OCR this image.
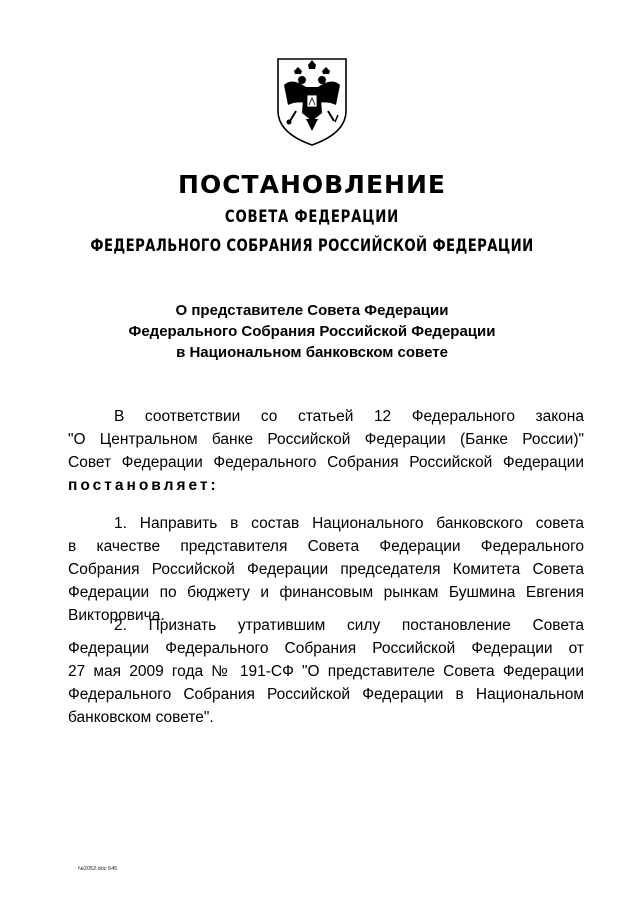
ПОСТАНОВЛЕНИЕ
СОВЕТА ФЕДЕРАЦИИ
ФЕДЕРАЛЬНОГО СОБРАНИЯ РОССИЙСКОЙ ФЕДЕРАЦИИ
О представителе Совета Федерации
Федерального Собрания Российской Федерации
в Национальном банковском совете
В соответствии со статьей 12 Федерального закона
"О Центральном банке Российской Федерации (Банке России)"
Совет Федерации Федерального Собрания Российской Федерации
постановляет:
1. Направить в состав Национального банковского совета
в качестве представителя Совета Федерации Федерального
Собрания Российской Федерации председателя Комитета Совета
Федерации по бюджету и финансовым рынкам Бушмина Евгения
Викторовича.
2. Признать утратившим силу постановление Совета
Федерации Федерального Собрания Российской Федерации от
27 мая 2009 года № 191-СФ "О представителе Совета Федерации
Федерального Собрания Российской Федерации в Национальном
банковском совете".
№2052.doc 545
